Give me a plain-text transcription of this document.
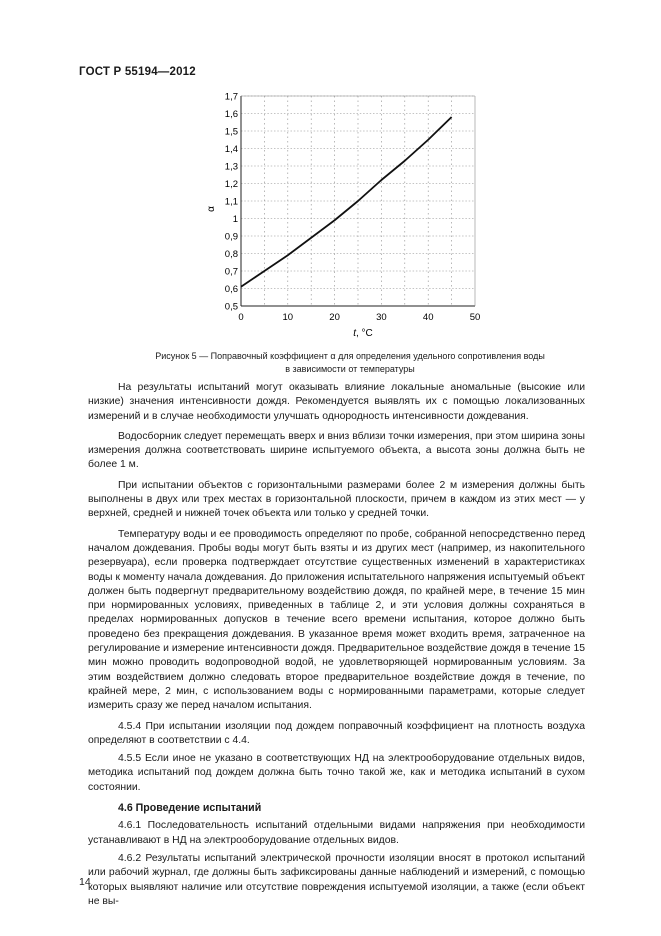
ГОСТ Р 55194—2012
0,5
0,6
0,7
0,8
0,9
1
1,1
1,2
1,3
1,4
1,5
1,6
1,7
0	10	20	30	40	50
α
t, °C
Рисунок 5 — Поправочный коэффициент α для определения удельного сопротивления воды
в зависимости от температуры

На результаты испытаний могут оказывать влияние локальные аномальные (высокие или низкие) значения интенсивности дождя. Рекомендуется выявлять их с помощью локализованных измерений и в случае необходимости улучшать однородность интенсивности дождевания.

Водосборник следует перемещать вверх и вниз вблизи точки измерения, при этом ширина зоны измерения должна соответствовать ширине испытуемого объекта, а высота зоны должна быть не более 1 м.

При испытании объектов с горизонтальными размерами более 2 м измерения должны быть выполнены в двух или трех местах в горизонтальной плоскости, причем в каждом из этих мест — у верхней, средней и нижней точек объекта или только у средней точки.

Температуру воды и ее проводимость определяют по пробе, собранной непосредственно перед началом дождевания. Пробы воды могут быть взяты и из других мест (например, из накопительного резервуара), если проверка подтверждает отсутствие существенных изменений в характеристиках воды к моменту начала дождевания. До приложения испытательного напряжения испытуемый объект должен быть подвергнут предварительному воздействию дождя, по крайней мере, в течение 15 мин при нормированных условиях, приведенных в таблице 2, и эти условия должны сохраняться в пределах нормированных допусков в течение всего времени испытания, которое должно быть проведено без прекращения дождевания. В указанное время может входить время, затраченное на регулирование и измерение интенсивности дождя. Предварительное воздействие дождя в течение 15 мин можно проводить водопроводной водой, не удовлетворяющей нормированным условиям. За этим воздействием должно следовать второе предварительное воздействие дождя в течение, по крайней мере, 2 мин, с использованием воды с нормированными параметрами, которые следует измерить сразу же перед началом испытания.

4.5.4 При испытании изоляции под дождем поправочный коэффициент на плотность воздуха определяют в соответствии с 4.4.

4.5.5 Если иное не указано в соответствующих НД на электрооборудование отдельных видов, методика испытаний под дождем должна быть точно такой же, как и методика испытаний в сухом состоянии.

4.6 Проведение испытаний

4.6.1 Последовательность испытаний отдельными видами напряжения при необходимости устанавливают в НД на электрооборудование отдельных видов.

4.6.2 Результаты испытаний электрической прочности изоляции вносят в протокол испытаний или рабочий журнал, где должны быть зафиксированы данные наблюдений и измерений, с помощью которых выявляют наличие или отсутствие повреждения испытуемой изоляции, а также (если объект не вы-

14
